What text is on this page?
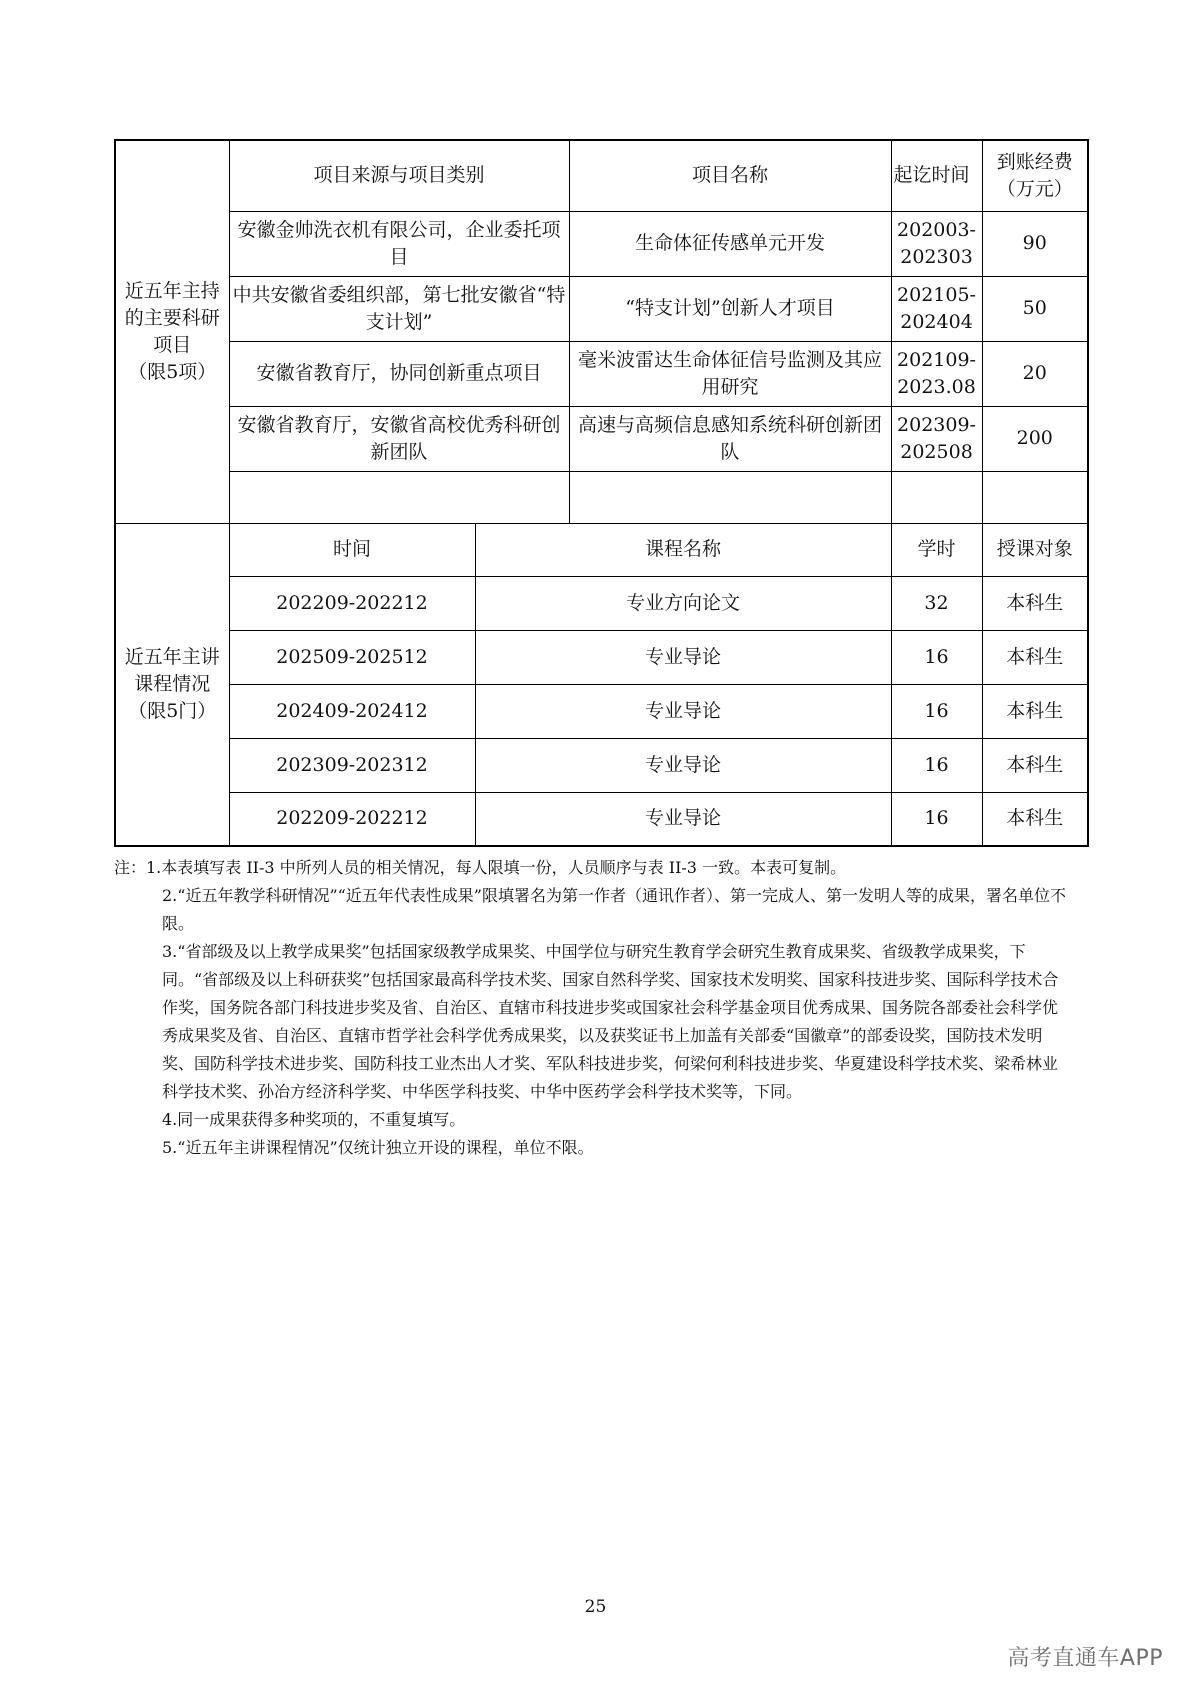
近五年主持
的主要科研
项目
（限5项）	项目来源与项目类别		项目名称	起讫时间	到账经费（万元）
	安徽金帅洗衣机有限公司，企业委托项目		生命体征传感单元开发	202003-202303	90
	中共安徽省委组织部，第七批安徽省“特支计划”		“特支计划”创新人才项目	202105-202404	50
	安徽省教育厅，协同创新重点项目		毫米波雷达生命体征信号监测及其应用研究	202109-2023.08	20
	安徽省教育厅，安徽省高校优秀科研创新团队		高速与高频信息感知系统科研创新团队	202309-202508	200

近五年主讲
课程情况
（限5门）	时间	课程名称		学时	授课对象
	202209-202212	专业方向论文		32	本科生
	202509-202512	专业导论		16	本科生
	202409-202412	专业导论		16	本科生
	202309-202312	专业导论		16	本科生
	202209-202212	专业导论		16	本科生

注：1.本表填写表 II-3 中所列人员的相关情况，每人限填一份，人员顺序与表 II-3 一致。本表可复制。

2.“近五年教学科研情况”“近五年代表性成果”限填署名为第一作者（通讯作者）、第一完成人、第一发明人等的成果，署名单位不限。

3.“省部级及以上教学成果奖”包括国家级教学成果奖、中国学位与研究生教育学会研究生教育成果奖、省级教学成果奖，下同。“省部级及以上科研获奖”包括国家最高科学技术奖、国家自然科学奖、国家技术发明奖、国家科技进步奖、国际科学技术合作奖，国务院各部门科技进步奖及省、自治区、直辖市科技进步奖或国家社会科学基金项目优秀成果、国务院各部委社会科学优秀成果奖及省、自治区、直辖市哲学社会科学优秀成果奖，以及获奖证书上加盖有关部委“国徽章”的部委设奖，国防技术发明奖、国防科学技术进步奖、国防科技工业杰出人才奖、军队科技进步奖，何梁何利科技进步奖、华夏建设科学技术奖、梁希林业科学技术奖、孙冶方经济科学奖、中华医学科技奖、中华中医药学会科学技术奖等，下同。

4.同一成果获得多种奖项的，不重复填写。

5.“近五年主讲课程情况”仅统计独立开设的课程，单位不限。

25
高考直通车APP
